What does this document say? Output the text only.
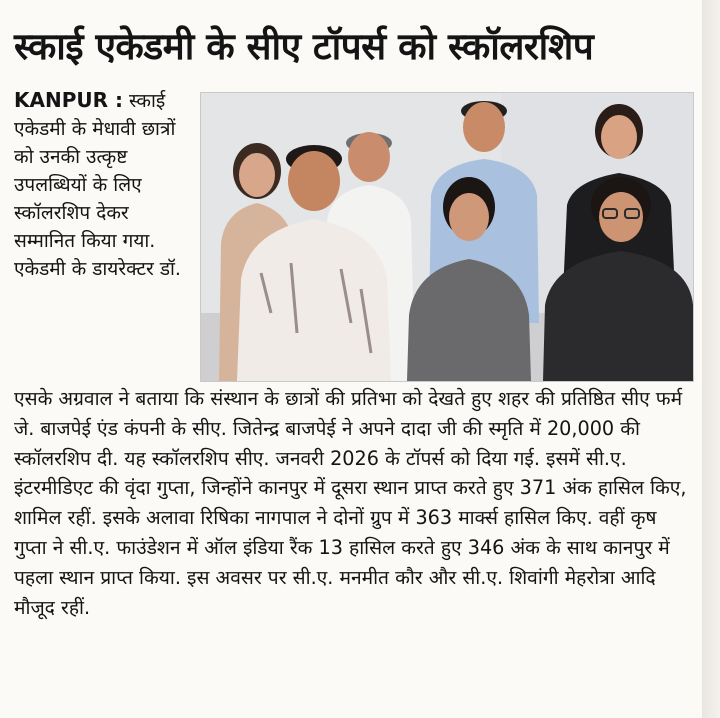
स्काई एकेडमी के सीए टॉपर्स को स्कॉलरशिप
KANPUR : स्काई एकेडमी के मेधावी छात्रों को उनकी उत्कृष्ट उपलब्धियों के लिए स्कॉलरशिप देकर सम्मानित किया गया. एकेडमी के डायरेक्टर डॉ.
एसके अग्रवाल ने बताया कि संस्थान के छात्रों की प्रतिभा को देखते हुए शहर की प्रतिष्ठित सीए फर्म जे. बाजपेई एंड कंपनी के सीए. जितेन्द्र बाजपेई ने अपने दादा जी की स्मृति में 20,000 की स्कॉलरशिप दी. यह स्कॉलरशिप सीए. जनवरी 2026 के टॉपर्स को दिया गई. इसमें सी.ए. इंटरमीडिएट की वृंदा गुप्ता, जिन्होंने कानपुर में दूसरा स्थान प्राप्त करते हुए 371 अंक हासिल किए, शामिल रहीं. इसके अलावा रिषिका नागपाल ने दोनों ग्रुप में 363 मार्क्स हासिल किए. वहीं कृष गुप्ता ने सी.ए. फाउंडेशन में ऑल इंडिया रैंक 13 हासिल करते हुए 346 अंक के साथ कानपुर में पहला स्थान प्राप्त किया. इस अवसर पर सी.ए. मनमीत कौर और सी.ए. शिवांगी मेहरोत्रा आदि मौजूद रहीं.
